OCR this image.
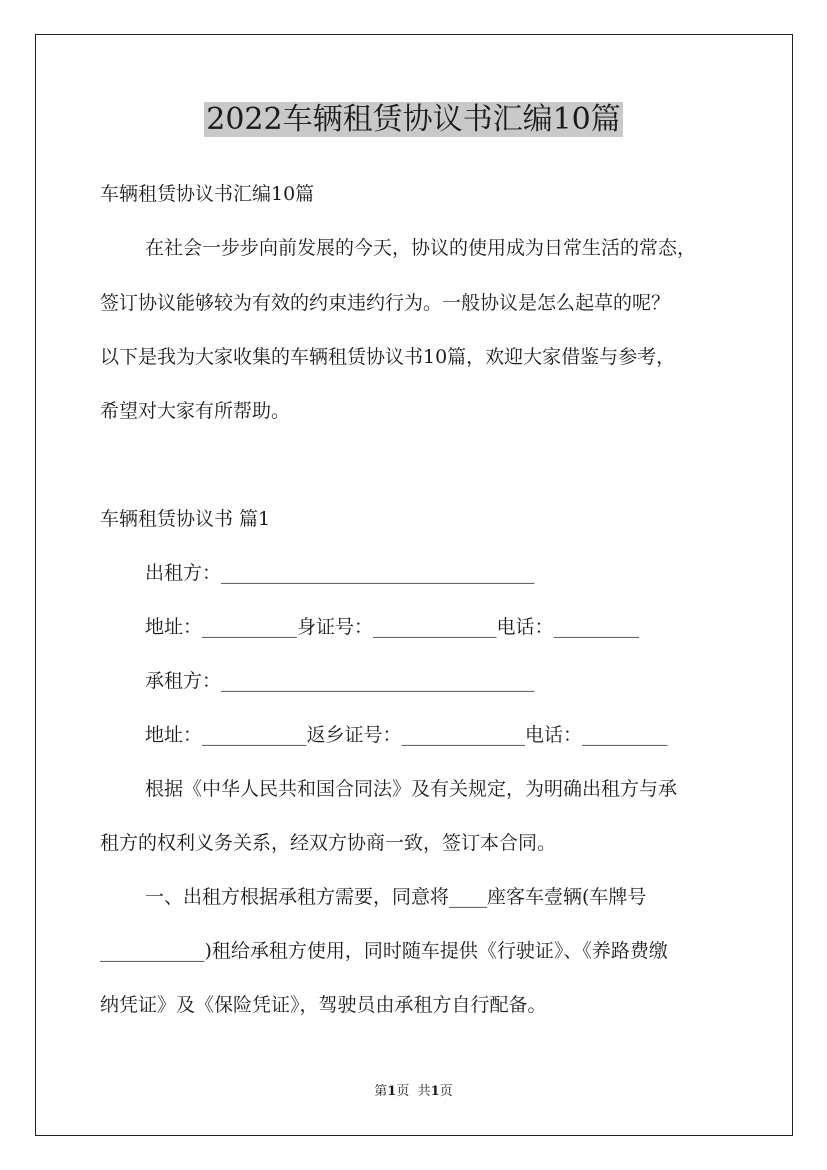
2022车辆租赁协议书汇编10篇
车辆租赁协议书汇编10篇
在社会一步步向前发展的今天，协议的使用成为日常生活的常态，
签订协议能够较为有效的约束违约行为。一般协议是怎么起草的呢？
以下是我为大家收集的车辆租赁协议书10篇，欢迎大家借鉴与参考，
希望对大家有所帮助。
车辆租赁协议书 篇1
出租方：_________________________________
地址：__________身证号：_____________电话：_________
承租方：_________________________________
地址：___________返乡证号：_____________电话：_________
根据《中华人民共和国合同法》及有关规定，为明确出租方与承
租方的权利义务关系，经双方协商一致，签订本合同。
一、出租方根据承租方需要，同意将____座客车壹辆(车牌号
___________)租给承租方使用，同时随车提供《行驶证》、《养路费缴
纳凭证》及《保险凭证》，驾驶员由承租方自行配备。
第1页 共1页
